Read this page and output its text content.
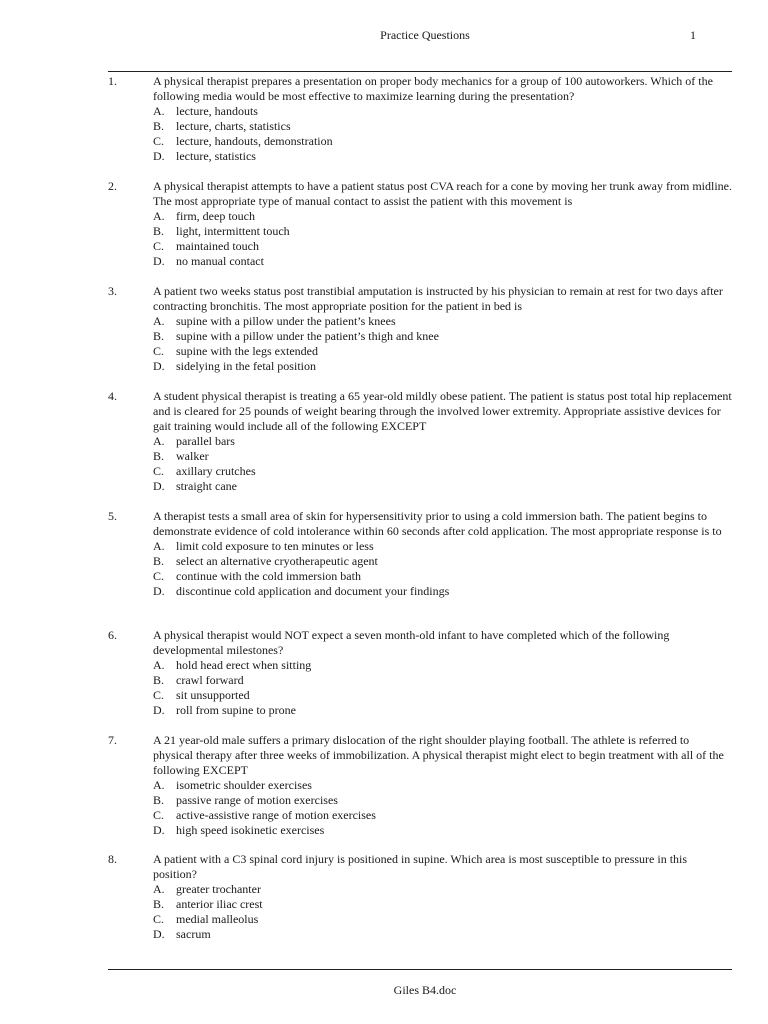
Practice Questions	1
1.	A physical therapist prepares a presentation on proper body mechanics for a group of 100 autoworkers. Which of the following media would be most effective to maximize learning during the presentation?
A. lecture, handouts
B. lecture, charts, statistics
C. lecture, handouts, demonstration
D. lecture, statistics
2.	A physical therapist attempts to have a patient status post CVA reach for a cone by moving her trunk away from midline. The most appropriate type of manual contact to assist the patient with this movement is
A. firm, deep touch
B. light, intermittent touch
C. maintained touch
D. no manual contact
3.	A patient two weeks status post transtibial amputation is instructed by his physician to remain at rest for two days after contracting bronchitis. The most appropriate position for the patient in bed is
A. supine with a pillow under the patient’s knees
B. supine with a pillow under the patient’s thigh and knee
C. supine with the legs extended
D. sidelying in the fetal position
4.	A student physical therapist is treating a 65 year-old mildly obese patient. The patient is status post total hip replacement and is cleared for 25 pounds of weight bearing through the involved lower extremity. Appropriate assistive devices for gait training would include all of the following EXCEPT
A. parallel bars
B. walker
C. axillary crutches
D. straight cane
5.	A therapist tests a small area of skin for hypersensitivity prior to using a cold immersion bath. The patient begins to demonstrate evidence of cold intolerance within 60 seconds after cold application. The most appropriate response is to
A. limit cold exposure to ten minutes or less
B. select an alternative cryotherapeutic agent
C. continue with the cold immersion bath
D. discontinue cold application and document your findings
6.	A physical therapist would NOT expect a seven month-old infant to have completed which of the following developmental milestones?
A. hold head erect when sitting
B. crawl forward
C. sit unsupported
D. roll from supine to prone
7.	A 21 year-old male suffers a primary dislocation of the right shoulder playing football. The athlete is referred to physical therapy after three weeks of immobilization. A physical therapist might elect to begin treatment with all of the following EXCEPT
A. isometric shoulder exercises
B. passive range of motion exercises
C. active-assistive range of motion exercises
D. high speed isokinetic exercises
8.	A patient with a C3 spinal cord injury is positioned in supine. Which area is most susceptible to pressure in this position?
A. greater trochanter
B. anterior iliac crest
C. medial malleolus
D. sacrum
Giles B4.doc
